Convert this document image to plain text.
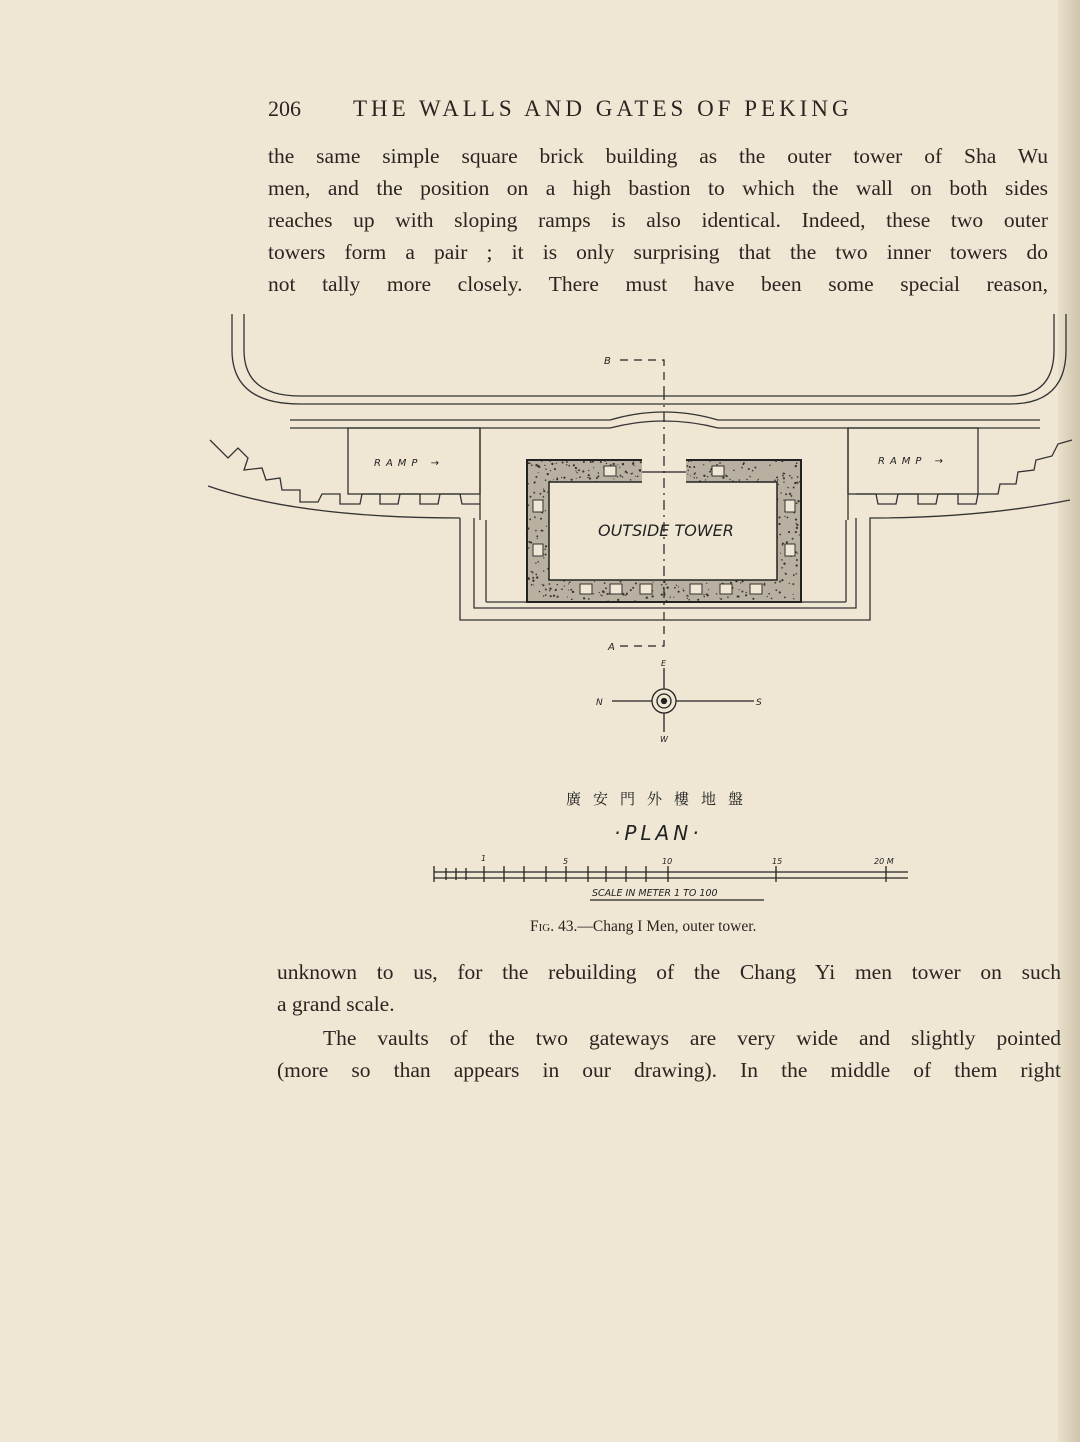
206 THE WALLS AND GATES OF PEKING

the same simple square brick building as the outer tower of Sha Wu

men, and the position on a high bastion to which the wall on both sides

reaches up with sloping ramps is also identical. Indeed, these two outer

towers form a pair ; it is only surprising that the two inner towers do

not tally more closely. There must have been some special reason,

B
A
RAMP →	RAMP →
OUTSIDE TOWER
N	S
E
W
廣安門外樓地盤
·PLAN·
1	5	10	15	20 M
SCALE IN METER 1 TO 100
Fig. 43.—Chang I Men, outer tower.

unknown to us, for the rebuilding of the Chang Yi men tower on such

a grand scale.

The vaults of the two gateways are very wide and slightly pointed

(more so than appears in our drawing). In the middle of them right
